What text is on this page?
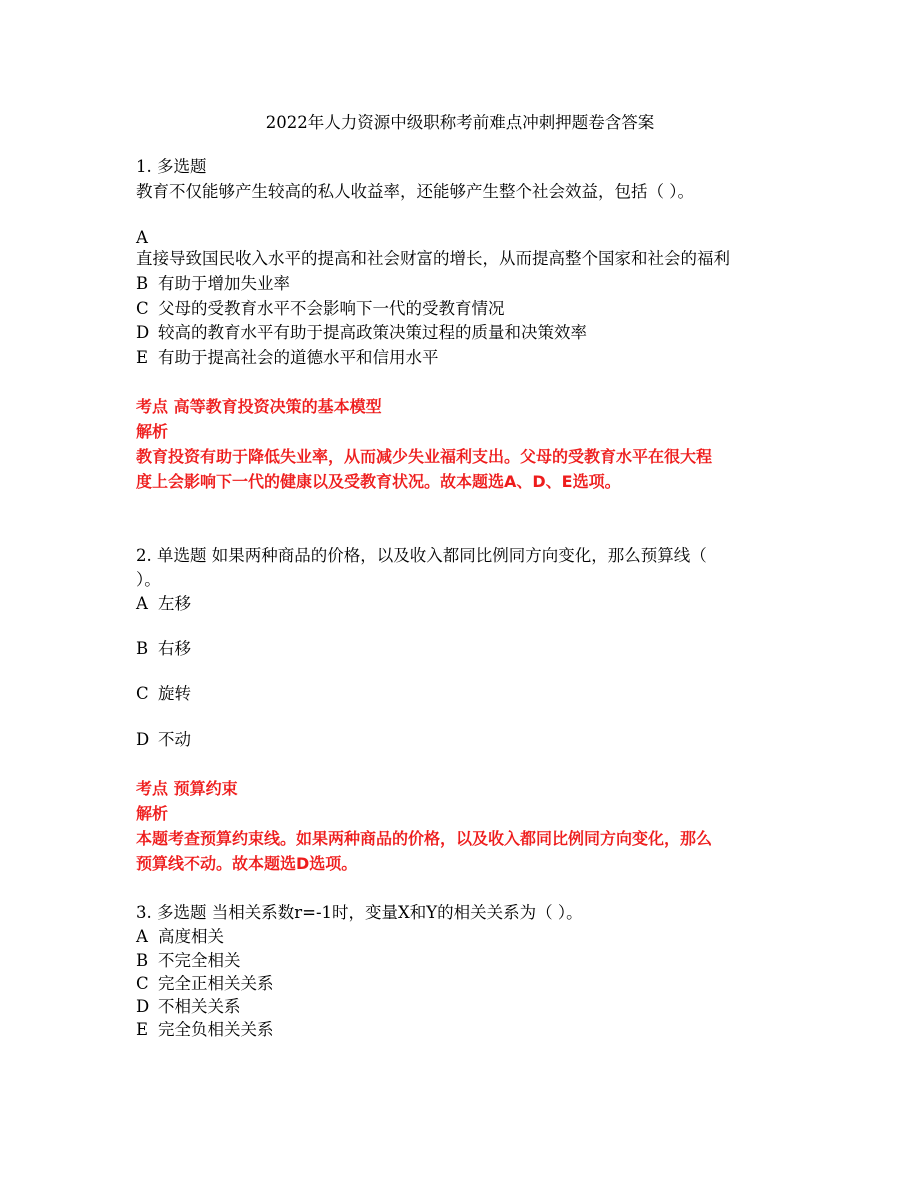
2022年人力资源中级职称考前难点冲刺押题卷含答案
1. 多选题
教育不仅能够产生较高的私人收益率，还能够产生整个社会效益，包括（ ）。
A
直接导致国民收入水平的提高和社会财富的增长，从而提高整个国家和社会的福利
B 有助于增加失业率
C 父母的受教育水平不会影响下一代的受教育情况
D 较高的教育水平有助于提高政策决策过程的质量和决策效率
E 有助于提高社会的道德水平和信用水平
考点 高等教育投资决策的基本模型
解析
教育投资有助于降低失业率，从而减少失业福利支出。父母的受教育水平在很大程
度上会影响下一代的健康以及受教育状况。故本题选A、D、E选项。
2. 单选题 如果两种商品的价格，以及收入都同比例同方向变化，那么预算线（
）。
A 左移
B 右移
C 旋转
D 不动
考点 预算约束
解析
本题考查预算约束线。如果两种商品的价格，以及收入都同比例同方向变化，那么
预算线不动。故本题选D选项。
3. 多选题 当相关系数r=-1时，变量X和Y的相关关系为（ ）。
A 高度相关
B 不完全相关
C 完全正相关关系
D 不相关关系
E 完全负相关关系
